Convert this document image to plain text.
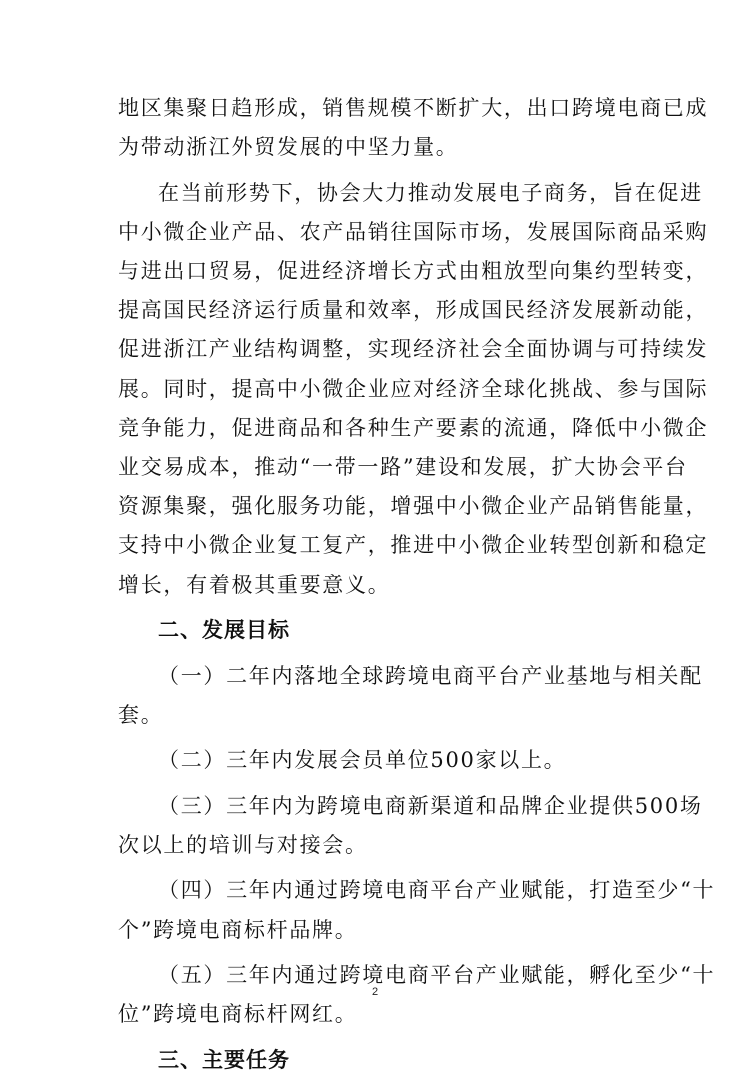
地区集聚日趋形成，销售规模不断扩大，出口跨境电商已成
为带动浙江外贸发展的中坚力量。
在当前形势下，协会大力推动发展电子商务，旨在促进
中小微企业产品、农产品销往国际市场，发展国际商品采购
与进出口贸易，促进经济增长方式由粗放型向集约型转变，
提高国民经济运行质量和效率，形成国民经济发展新动能，
促进浙江产业结构调整，实现经济社会全面协调与可持续发
展。同时，提高中小微企业应对经济全球化挑战、参与国际
竞争能力，促进商品和各种生产要素的流通，降低中小微企
业交易成本，推动“一带一路”建设和发展，扩大协会平台
资源集聚，强化服务功能，增强中小微企业产品销售能量，
支持中小微企业复工复产，推进中小微企业转型创新和稳定
增长，有着极其重要意义。
二、发展目标
（一）二年内落地全球跨境电商平台产业基地与相关配
套。
（二）三年内发展会员单位500家以上。
（三）三年内为跨境电商新渠道和品牌企业提供500场
次以上的培训与对接会。
（四）三年内通过跨境电商平台产业赋能，打造至少“十
个”跨境电商标杆品牌。
（五）三年内通过跨境电商平台产业赋能，孵化至少“十
位”跨境电商标杆网红。
三、主要任务
2
